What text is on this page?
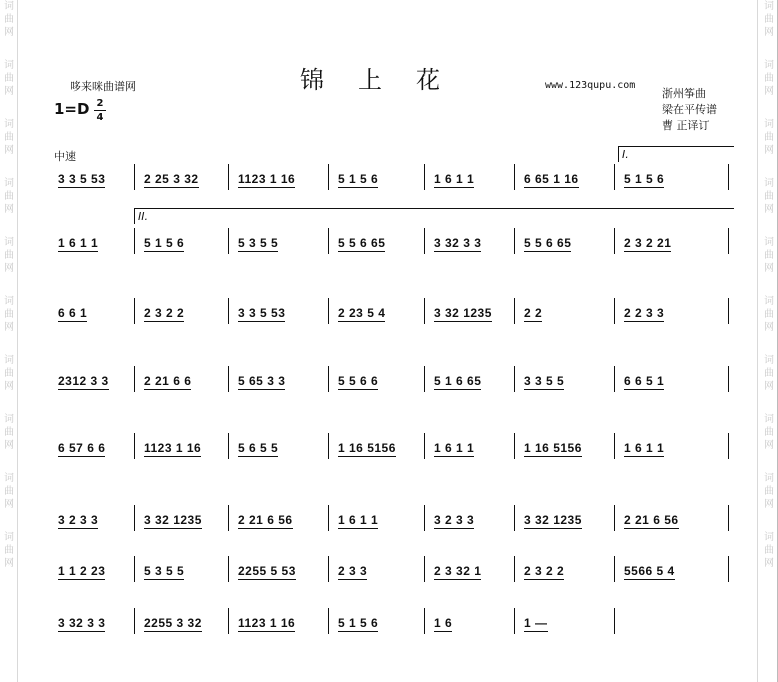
词
曲
网
词
曲
网
词
曲
网
词
曲
网
词
曲
网
词
曲
网
词
曲
网
词
曲
网
词
曲
网
词
曲
网
词
曲
网
词
曲
网
词
曲
网
词
曲
网
词
曲
网
词
曲
网
词
曲
网
词
曲
网
词
曲
网
词
曲
网
锦上花
哆来咪曲谱网	www.123qupu.com
1=D 2
4
浙州筝曲
梁在平传谱
曹 正译订
中速	I.
II.
3 3 5 53	2 25 3 32	1123 1 16	5 1 5 6	1 6 1 1	6 65 1 16	5 1 5 6
1 6 1 1	5 1 5 6	5 3 5 5	5 5 6 65	3 32 3 3	5 5 6 65	2 3 2 21
6 6 1	2 3 2 2	3 3 5 53	2 23 5 4	3 32 1235	2 2	2 2 3 3
2312 3 3	2 21 6 6	5 65 3 3	5 5 6 6	5 1 6 65	3 3 5 5	6 6 5 1
6 57 6 6	1123 1 16	5 6 5 5	1 16 5156	1 6 1 1	1 16 5156	1 6 1 1
3 2 3 3	3 32 1235	2 21 6 56	1 6 1 1	3 2 3 3	3 32 1235	2 21 6 56
1 1 2 23	5 3 5 5	2255 5 53	2 3 3	2 3 32 1	2 3 2 2	5566 5 4
3 32 3 3	2255 3 32	1123 1 16	5 1 5 6	1 6	1 —
